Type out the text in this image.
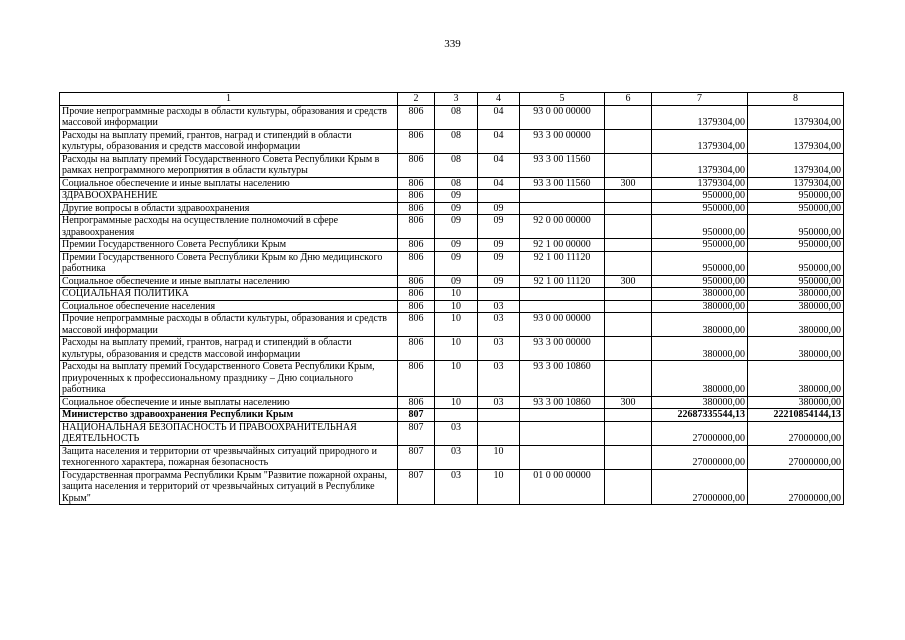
339
1	2	3	4	5	6	7	8
Прочие непрограммные расходы в области культуры, образования и средств массовой информации	806	08	04	93 0 00 00000		1379304,00	1379304,00
Расходы на выплату премий, грантов, наград и стипендий в области культуры, образования и средств массовой информации	806	08	04	93 3 00 00000		1379304,00	1379304,00
Расходы на выплату премий Государственного Совета Республики Крым в рамках непрограммного мероприятия в области культуры	806	08	04	93 3 00 11560		1379304,00	1379304,00
Социальное обеспечение и иные выплаты населению	806	08	04	93 3 00 11560	300	1379304,00	1379304,00
ЗДРАВООХРАНЕНИЕ	806	09				950000,00	950000,00
Другие вопросы в области здравоохранения	806	09	09			950000,00	950000,00
Непрограммные расходы на осуществление полномочий в сфере здравоохранения	806	09	09	92 0 00 00000		950000,00	950000,00
Премии Государственного Совета Республики Крым	806	09	09	92 1 00 00000		950000,00	950000,00
Премии Государственного Совета Республики Крым ко Дню медицинского работника	806	09	09	92 1 00 11120		950000,00	950000,00
Социальное обеспечение и иные выплаты населению	806	09	09	92 1 00 11120	300	950000,00	950000,00
СОЦИАЛЬНАЯ ПОЛИТИКА	806	10				380000,00	380000,00
Социальное обеспечение населения	806	10	03			380000,00	380000,00
Прочие непрограммные расходы в области культуры, образования и средств массовой информации	806	10	03	93 0 00 00000		380000,00	380000,00
Расходы на выплату премий, грантов, наград и стипендий в области культуры, образования и средств массовой информации	806	10	03	93 3 00 00000		380000,00	380000,00
Расходы на выплату премий Государственного Совета Республики Крым, приуроченных к профессиональному празднику – Дню социального работника	806	10	03	93 3 00 10860		380000,00	380000,00
Социальное обеспечение и иные выплаты населению	806	10	03	93 3 00 10860	300	380000,00	380000,00
Министерство здравоохранения Республики Крым	807					22687335544,13	22210854144,13
НАЦИОНАЛЬНАЯ БЕЗОПАСНОСТЬ И ПРАВООХРАНИТЕЛЬНАЯ ДЕЯТЕЛЬНОСТЬ	807	03				27000000,00	27000000,00
Защита населения и территории от чрезвычайных ситуаций природного и техногенного характера, пожарная безопасность	807	03	10			27000000,00	27000000,00
Государственная программа Республики Крым "Развитие пожарной охраны, защита населения и территорий от чрезвычайных ситуаций в Республике Крым"	807	03	10	01 0 00 00000		27000000,00	27000000,00
